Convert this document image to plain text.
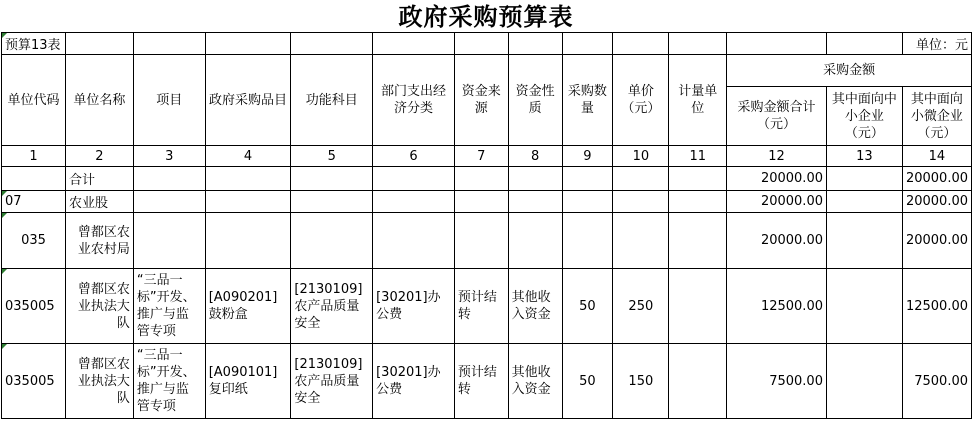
政府采购预算表
预算13表													单位：元
单位代码	单位名称	项目	政府采购品目	功能科目	部门支出经济分类	资金来源	资金性质	采购数量	单价（元）	计量单位	采购金额		
											采购金额合计（元）	其中面向中小企业（元）	其中面向小微企业（元）
1	2	3	4	5	6	7	8	9	10	11	12	13	14
	合计										20000.00		20000.00
07	农业股										20000.00		20000.00
035	曾都区农业农村局										20000.00		20000.00
035005	曾都区农业执法大队	“三品一标”开发、推广与监管专项	[A090201]鼓粉盒	[2130109]农产品质量安全	[30201]办公费	预计结转	其他收入资金	50	250		12500.00		12500.00
035005	曾都区农业执法大队	“三品一标”开发、推广与监管专项	[A090101]复印纸	[2130109]农产品质量安全	[30201]办公费	预计结转	其他收入资金	50	150		7500.00		7500.00
